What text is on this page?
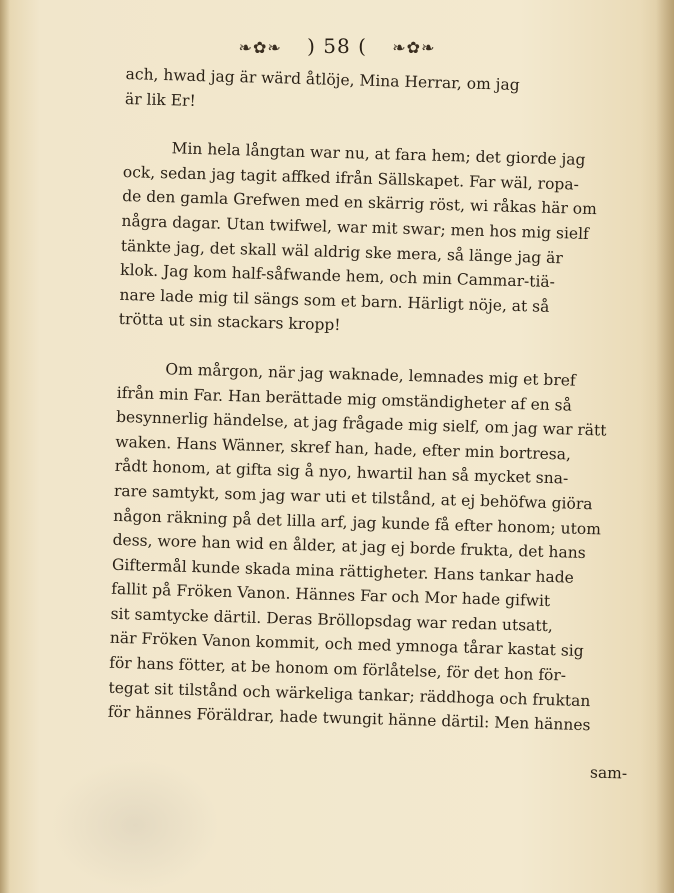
❧✿❧ ) 58 ( ❧✿❧
ach, hwad jag är wärd åtlöje, Mina Herrar, om jag
är lik Er!
Min hela långtan war nu, at fara hem; det giorde jag
ock, sedan jag tagit affked ifrån Sällskapet. Far wäl, ropa-
de den gamla Grefwen med en skärrig röst, wi råkas här om
några dagar. Utan twifwel, war mit swar; men hos mig sielf
tänkte jag, det skall wäl aldrig ske mera, så länge jag är
klok. Jag kom half-såfwande hem, och min Cammar-tiä-
nare lade mig til sängs som et barn. Härligt nöje, at så
trötta ut sin stackars kropp!
Om mårgon, när jag waknade, lemnades mig et bref
ifrån min Far. Han berättade mig omständigheter af en så
besynnerlig händelse, at jag frågade mig sielf, om jag war rätt
waken. Hans Wänner, skref han, hade, efter min bortresa,
rådt honom, at gifta sig å nyo, hwartil han så mycket sna-
rare samtykt, som jag war uti et tilstånd, at ej behöfwa giöra
någon räkning på det lilla arf, jag kunde få efter honom; utom
dess, wore han wid en ålder, at jag ej borde frukta, det hans
Giftermål kunde skada mina rättigheter. Hans tankar hade
fallit på Fröken Vanon. Hännes Far och Mor hade gifwit
sit samtycke därtil. Deras Bröllopsdag war redan utsatt,
när Fröken Vanon kommit, och med ymnoga tårar kastat sig
för hans fötter, at be honom om förlåtelse, för det hon för-
tegat sit tilstånd och wärkeliga tankar; räddhoga och fruktan
för hännes Föräldrar, hade twungit hänne därtil: Men hännes
sam-
